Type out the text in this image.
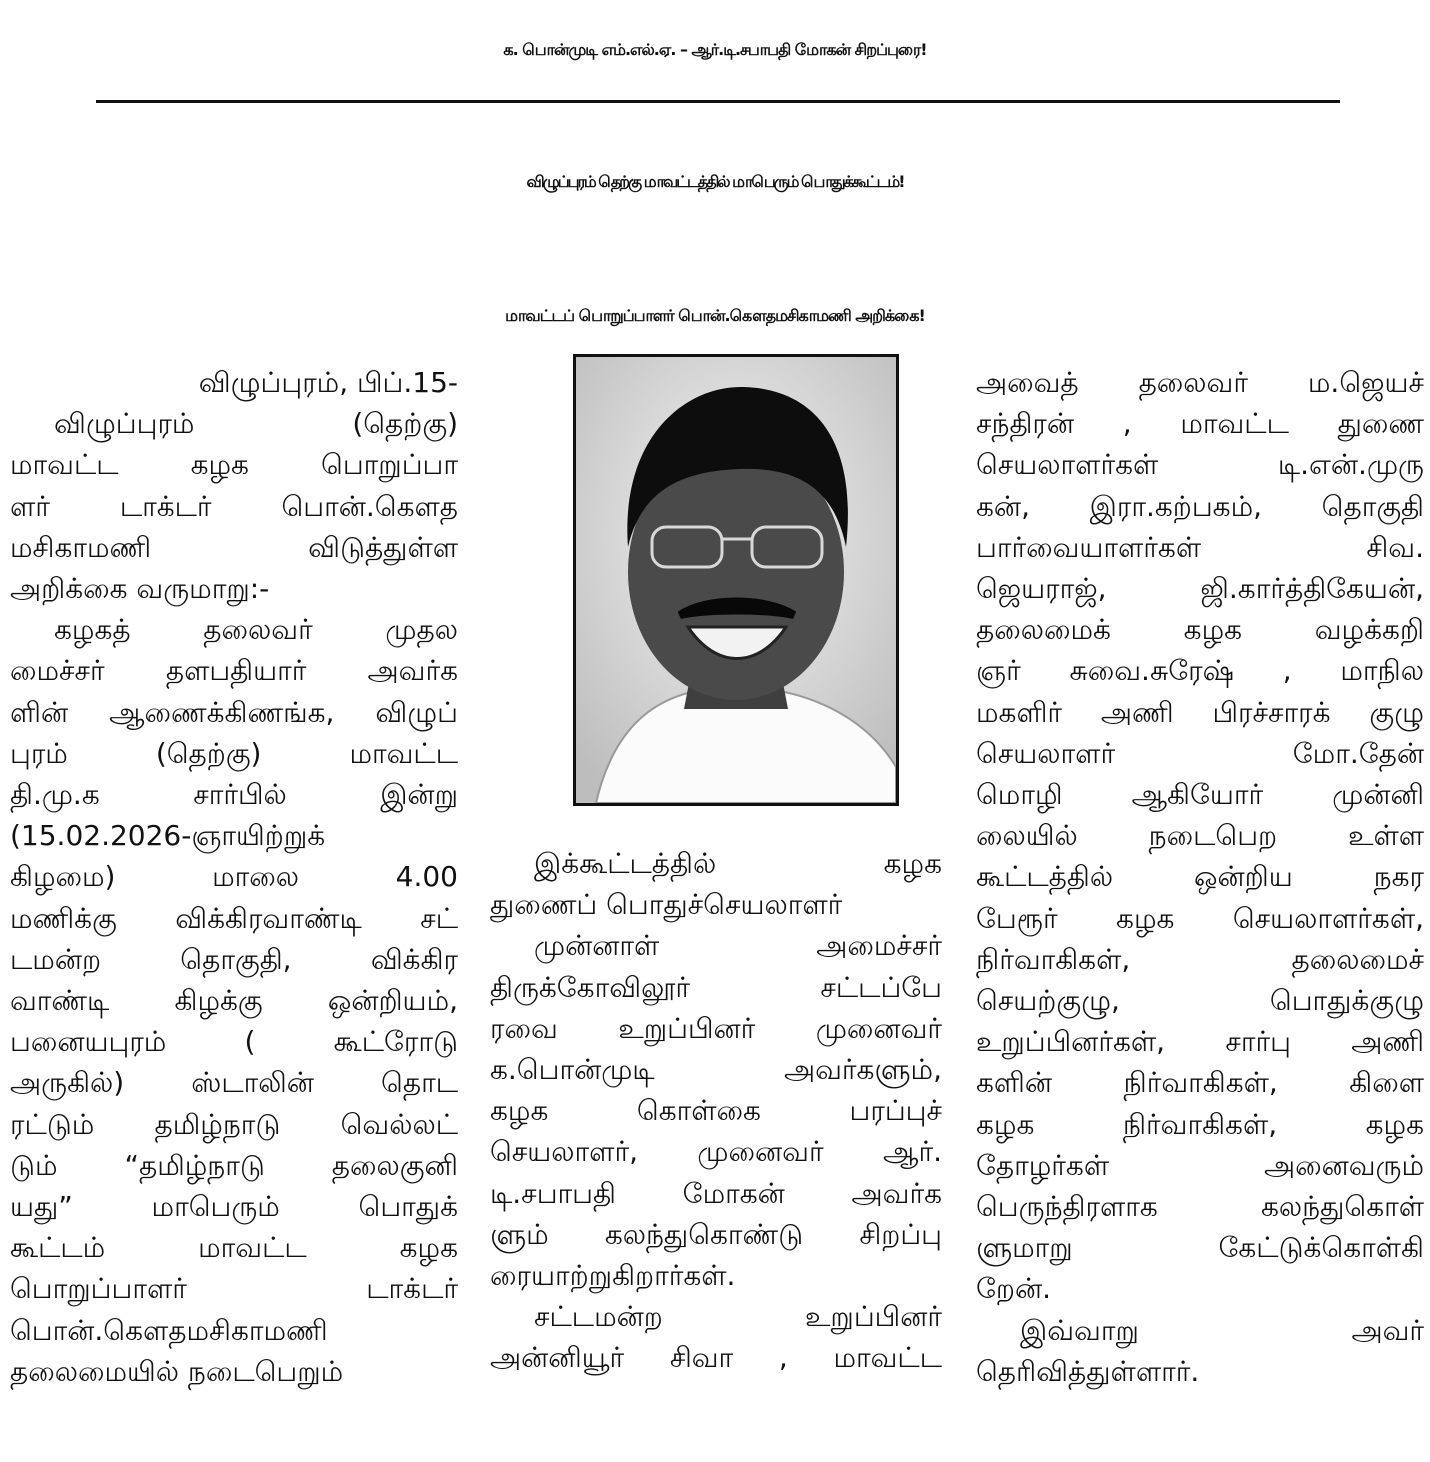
க. பொன்முடி எம்.எல்.ஏ. – ஆர்.டி.சபாபதி மோகன் சிறப்புரை!
விழுப்புரம் தெற்கு மாவட்டத்தில் மாபெரும் பொதுக்கூட்டம்!
மாவட்டப் பொறுப்பாளர் பொன்.கௌதமசிகாமணி அறிக்கை!
விழுப்புரம், பிப்.15-
விழுப்புரம் (தெற்கு)
மாவட்ட கழக பொறுப்பா
ளர் டாக்டர் பொன்.கௌத
மசிகாமணி விடுத்துள்ள
அறிக்கை வருமாறு:-
கழகத் தலைவர் முதல
மைச்சர் தளபதியார் அவர்க
ளின் ஆணைக்கிணங்க, விழுப்
புரம் (தெற்கு) மாவட்ட
தி.மு.க சார்பில் இன்று
(15.02.2026-ஞாயிற்றுக்
கிழமை) மாலை 4.00
மணிக்கு விக்கிரவாண்டி சட்
டமன்ற தொகுதி, விக்கிர
வாண்டி கிழக்கு ஒன்றியம்,
பனையபுரம் ( கூட்ரோடு
அருகில்) ஸ்டாலின் தொட
ரட்டும் தமிழ்நாடு வெல்லட்
டும் “தமிழ்நாடு தலைகுனி
யது” மாபெரும் பொதுக்
கூட்டம் மாவட்ட கழக
பொறுப்பாளர் டாக்டர்
பொன்.கௌதமசிகாமணி
தலைமையில் நடைபெறும்
இக்கூட்டத்தில் கழக
துணைப் பொதுச்செயலாளர்
முன்னாள் அமைச்சர்
திருக்கோவிலூர் சட்டப்பே
ரவை உறுப்பினர் முனைவர்
க.பொன்முடி அவர்களும்,
கழக கொள்கை பரப்புச்
செயலாளர், முனைவர் ஆர்.
டி.சபாபதி மோகன் அவர்க
ளும் கலந்துகொண்டு சிறப்பு
ரையாற்றுகிறார்கள்.
சட்டமன்ற உறுப்பினர்
அன்னியூர் சிவா , மாவட்ட
அவைத் தலைவர் ம.ஜெயச்
சந்திரன் , மாவட்ட துணை
செயலாளர்கள் டி.என்.முரு
கன், இரா.கற்பகம், தொகுதி
பார்வையாளர்கள் சிவ.
ஜெயராஜ், ஜி.கார்த்திகேயன்,
தலைமைக் கழக வழக்கறி
ஞர் சுவை.சுரேஷ் , மாநில
மகளிர் அணி பிரச்சாரக் குழு
செயலாளர் மோ.தேன்
மொழி ஆகியோர் முன்னி
லையில் நடைபெற உள்ள
கூட்டத்தில் ஒன்றிய நகர
பேரூர் கழக செயலாளர்கள்,
நிர்வாகிகள், தலைமைச்
செயற்குழு, பொதுக்குழு
உறுப்பினர்கள், சார்பு அணி
களின் நிர்வாகிகள், கிளை
கழக நிர்வாகிகள், கழக
தோழர்கள் அனைவரும்
பெருந்திரளாக கலந்துகொள்
ளுமாறு கேட்டுக்கொள்கி
றேன்.
இவ்வாறு அவர்
தெரிவித்துள்ளார்.
